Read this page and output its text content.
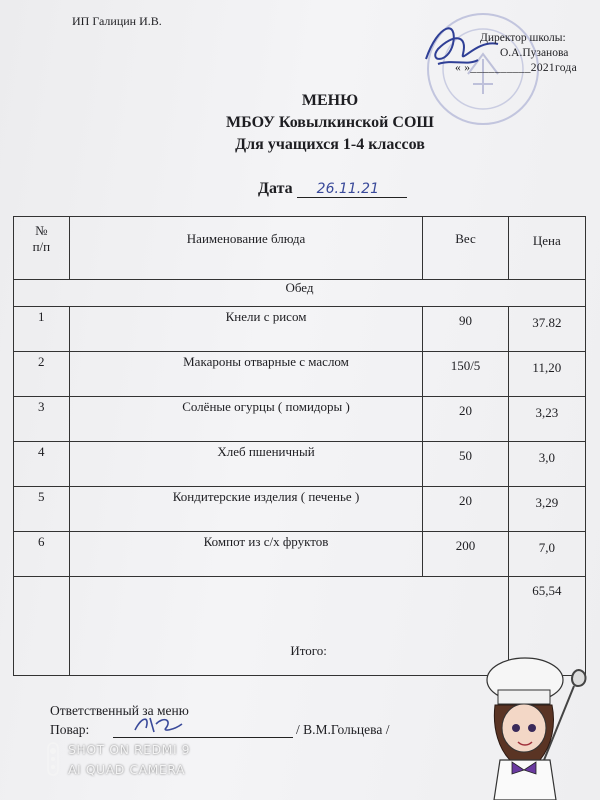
ИП Галицин И.В.
Директор школы:
О.А.Пузанова
« »__________2021года
МЕНЮ
МБОУ Ковылкинской СОШ
Для учащихся 1-4 классов
Дата 26.11.21
№
п/п	Наименование блюда	Вес	Цена
Обед			
1	Кнели с рисом	90	37.82
2	Макароны отварные с маслом	150/5	11,20
3	Солёные огурцы ( помидоры )	20	3,23
4	Хлеб пшеничный	50	3,0
5	Кондитерские изделия ( печенье )	20	3,29
6	Компот из с/х фруктов	200	7,0
	Итого:		65,54
Ответственный за меню
Повар:	/ В.М.Гольцева /
SHOT ON REDMI 9
AI QUAD CAMERA
